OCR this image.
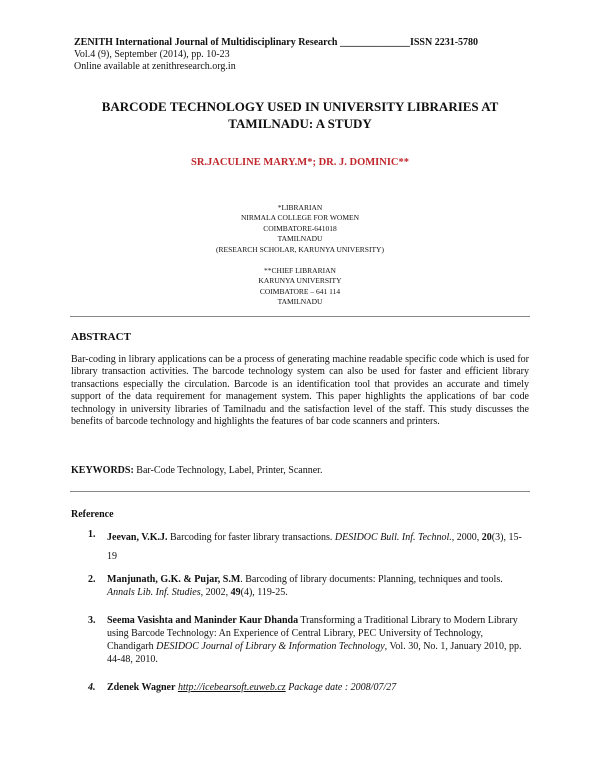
ZENITH International Journal of Multidisciplinary Research ______________ISSN 2231-5780
Vol.4 (9), September (2014), pp. 10-23
Online available at zenithresearch.org.in
BARCODE TECHNOLOGY USED IN UNIVERSITY LIBRARIES AT TAMILNADU: A STUDY
SR.JACULINE MARY.M*; DR. J. DOMINIC**
*LIBRARIAN
NIRMALA COLLEGE FOR WOMEN
COIMBATORE-641018
TAMILNADU
(RESEARCH SCHOLAR, KARUNYA UNIVERSITY)
**CHIEF LIBRARIAN
KARUNYA UNIVERSITY
COIMBATORE – 641 114
TAMILNADU
ABSTRACT
Bar-coding in library applications can be a process of generating machine readable specific code which is used for library transaction activities. The barcode technology system can also be used for faster and efficient library transactions especially the circulation. Barcode is an identification tool that provides an accurate and timely support of the data requirement for management system. This paper highlights the applications of bar code technology in university libraries of Tamilnadu and the satisfaction level of the staff. This study discusses the benefits of barcode technology and highlights the features of bar code scanners and printers.
KEYWORDS: Bar-Code Technology, Label, Printer, Scanner.
Reference
1. Jeevan, V.K.J. Barcoding for faster library transactions. DESIDOC Bull. Inf. Technol., 2000, 20(3), 15-19
2. Manjunath, G.K. & Pujar, S.M. Barcoding of library documents: Planning, techniques and tools. Annals Lib. Inf. Studies, 2002, 49(4), 119-25.
3. Seema Vasishta and Maninder Kaur Dhanda Transforming a Traditional Library to Modern Library using Barcode Technology: An Experience of Central Library, PEC University of Technology, Chandigarh DESIDOC Journal of Library & Information Technology, Vol. 30, No. 1, January 2010, pp. 44-48, 2010.
4. Zdenek Wagner http://icebearsoft.euweb.cz Package date : 2008/07/27
